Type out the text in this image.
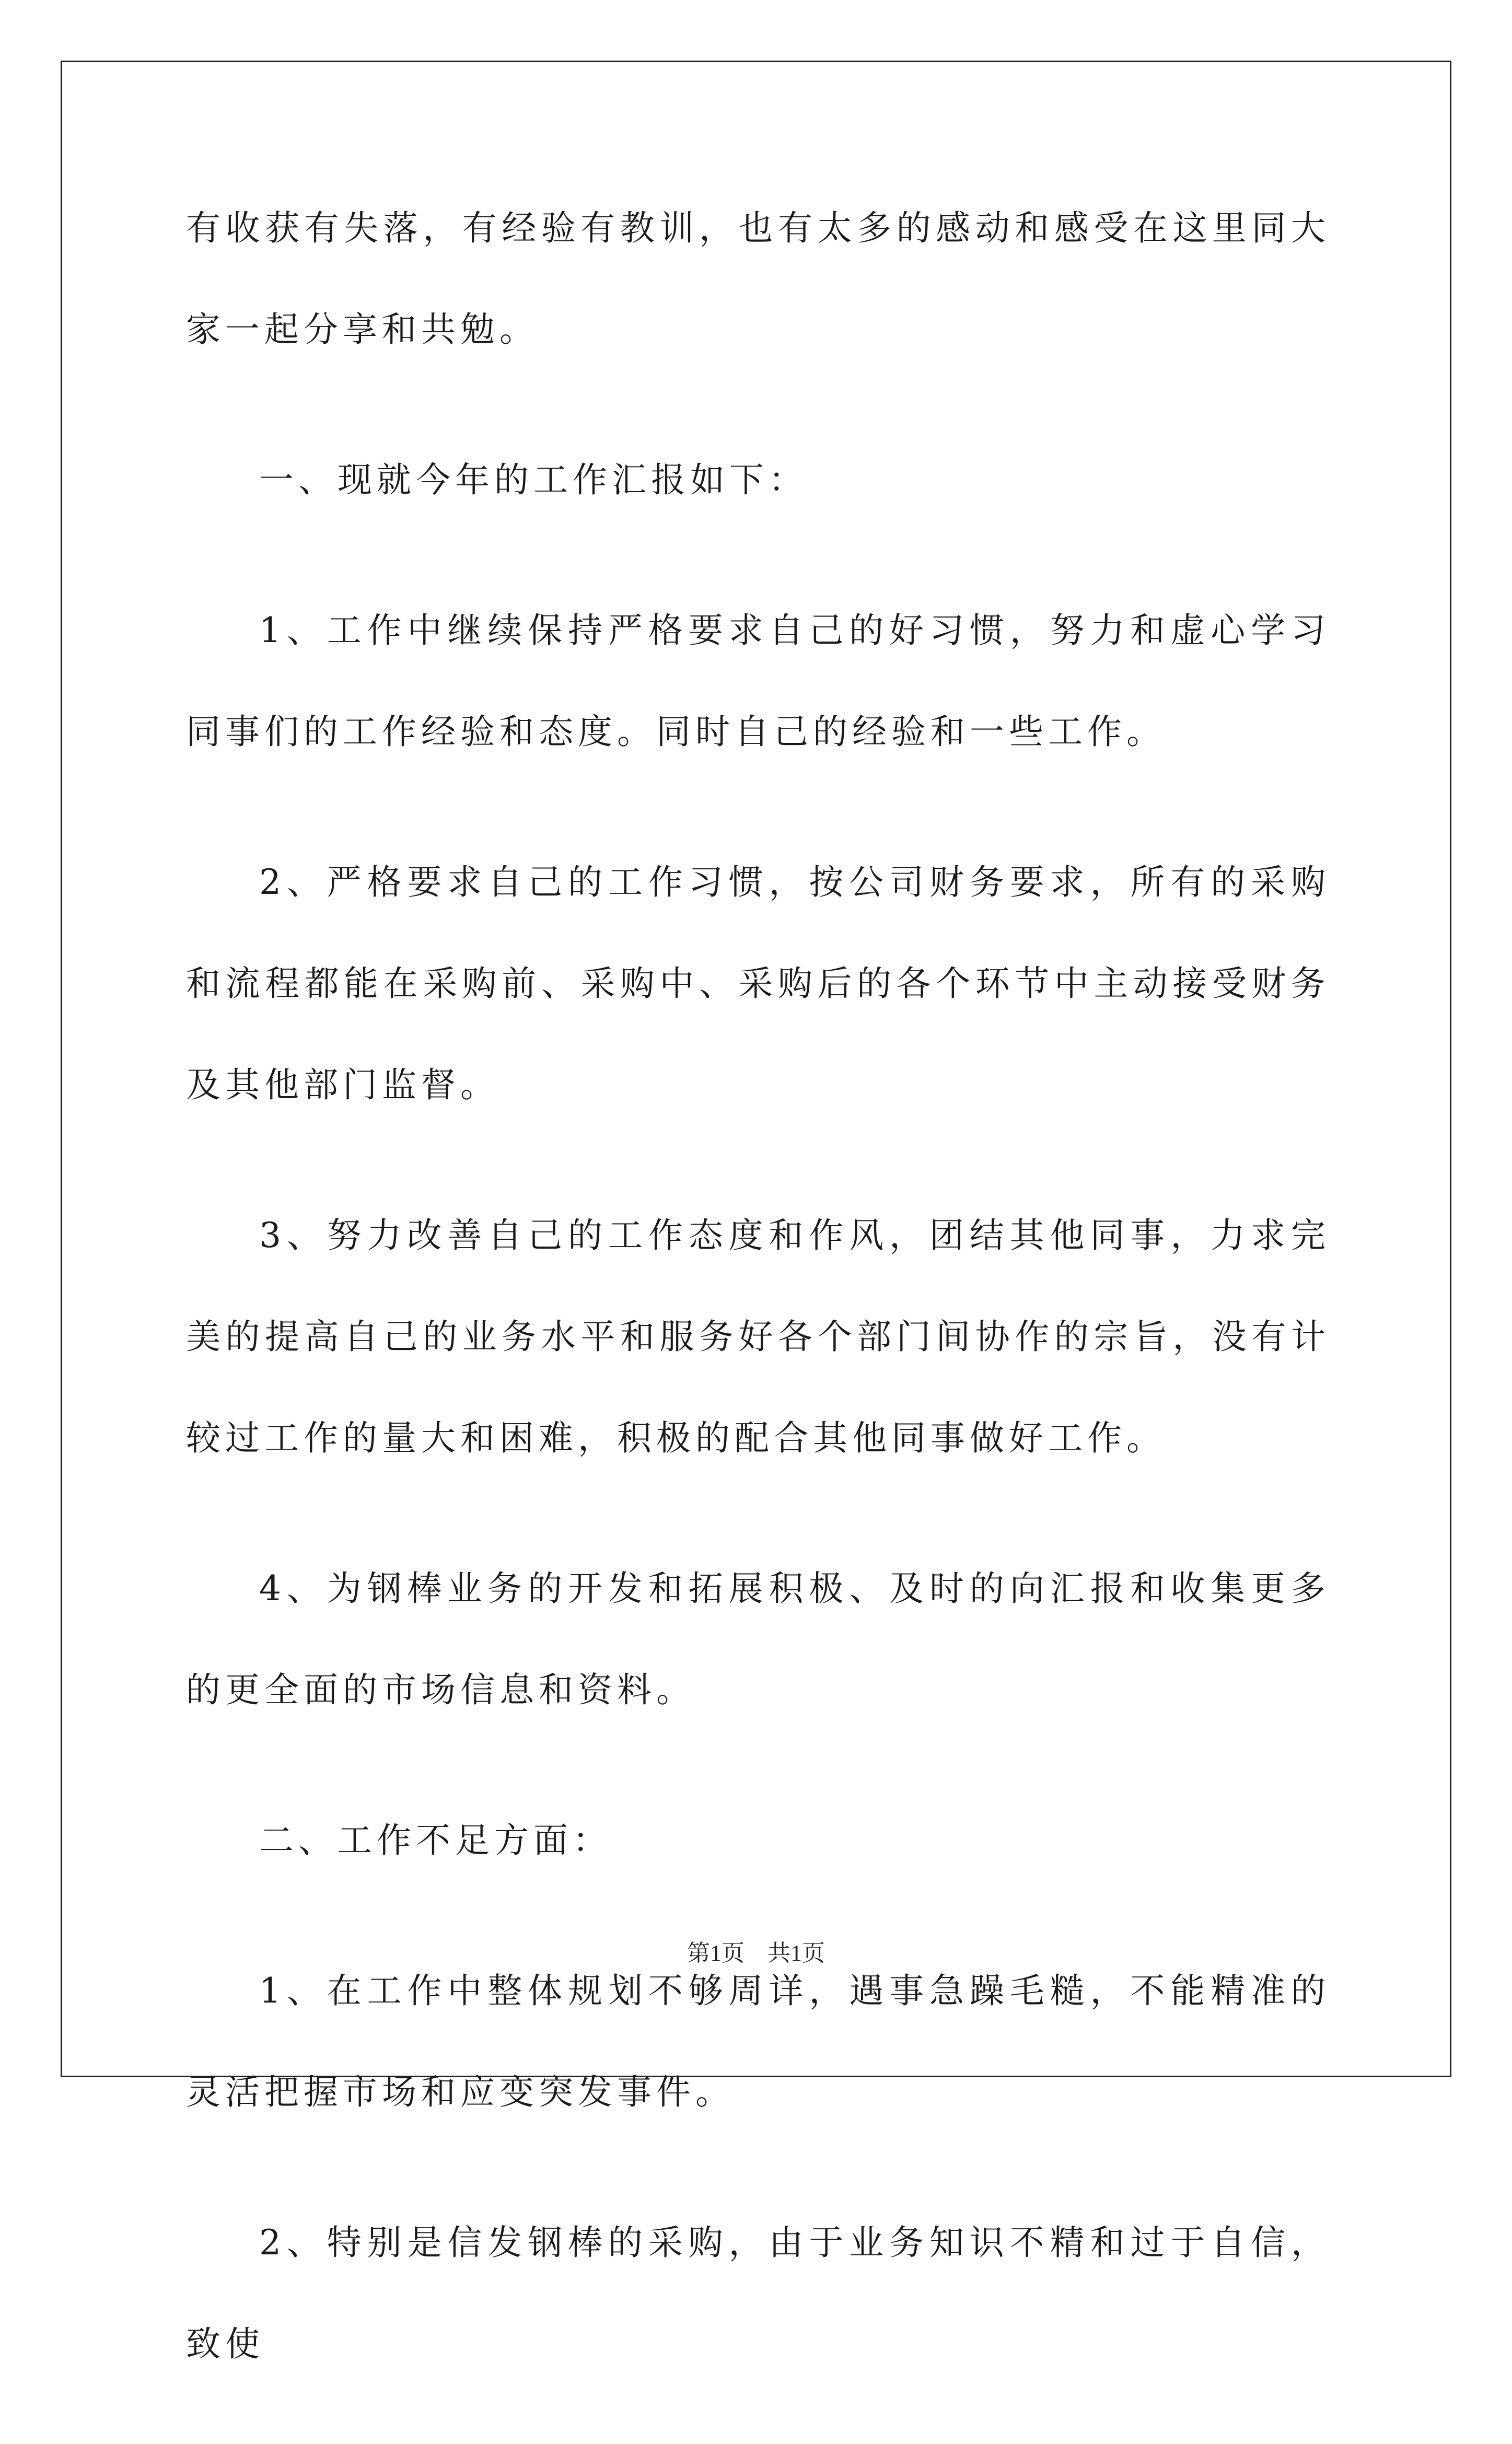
有收获有失落，有经验有教训，也有太多的感动和感受在这里同大家一起分享和共勉。

一、现就今年的工作汇报如下：

1、工作中继续保持严格要求自己的好习惯，努力和虚心学习同事们的工作经验和态度。同时自己的经验和一些工作。

2、严格要求自己的工作习惯，按公司财务要求，所有的采购和流程都能在采购前、采购中、采购后的各个环节中主动接受财务及其他部门监督。

3、努力改善自己的工作态度和作风，团结其他同事，力求完美的提高自己的业务水平和服务好各个部门间协作的宗旨，没有计较过工作的量大和困难，积极的配合其他同事做好工作。

4、为钢棒业务的开发和拓展积极、及时的向汇报和收集更多的更全面的市场信息和资料。

二、工作不足方面：

1、在工作中整体规划不够周详，遇事急躁毛糙，不能精准的灵活把握市场和应变突发事件。

2、特别是信发钢棒的采购，由于业务知识不精和过于自信，致使

第1页 共1页
